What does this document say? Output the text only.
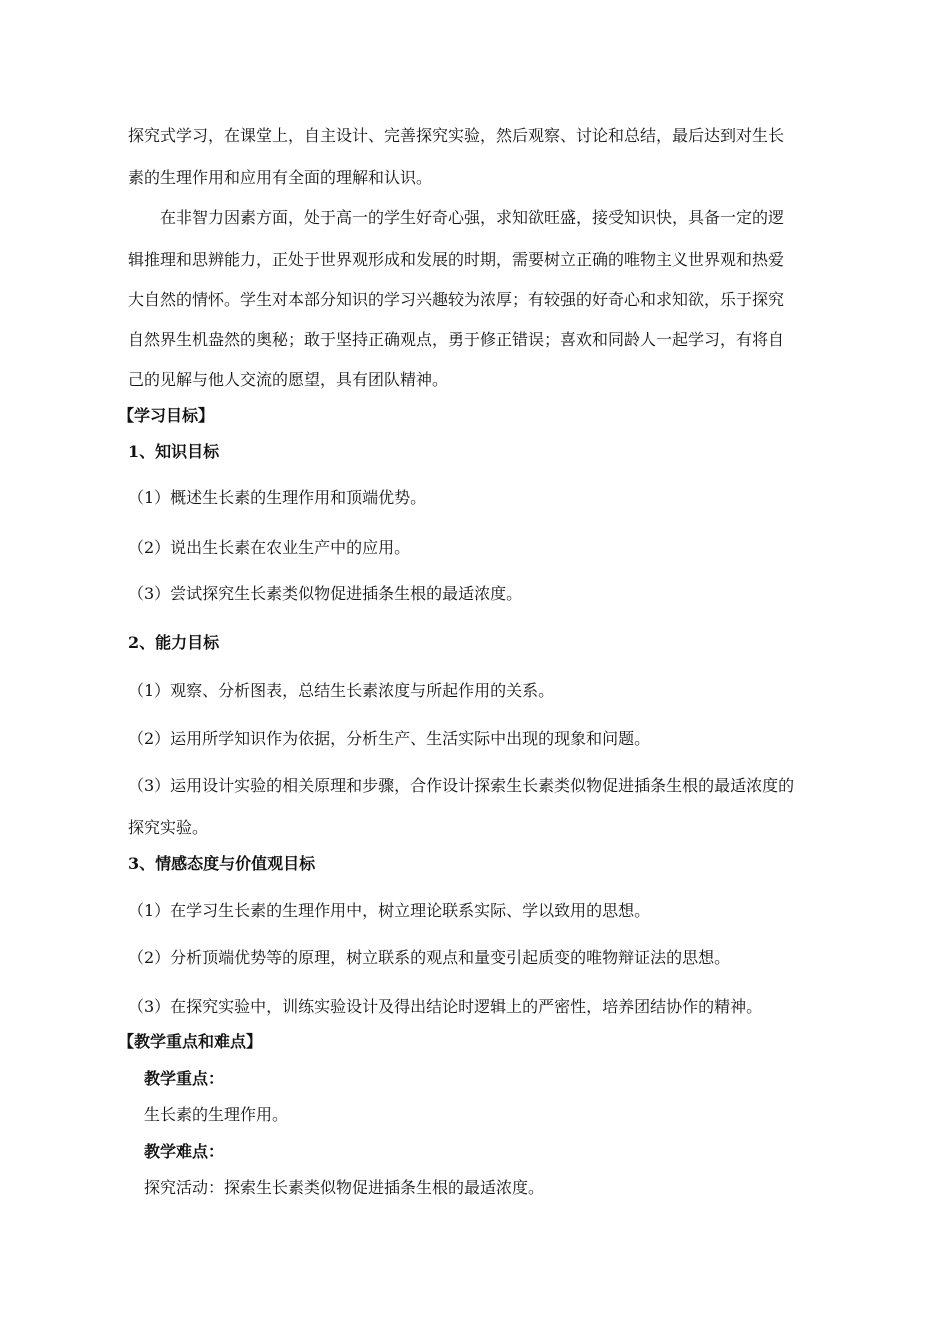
探究式学习，在课堂上，自主设计、完善探究实验，然后观察、讨论和总结，最后达到对生长
素的生理作用和应用有全面的理解和认识。
在非智力因素方面，处于高一的学生好奇心强，求知欲旺盛，接受知识快，具备一定的逻
辑推理和思辨能力，正处于世界观形成和发展的时期，需要树立正确的唯物主义世界观和热爱
大自然的情怀。学生对本部分知识的学习兴趣较为浓厚；有较强的好奇心和求知欲，乐于探究
自然界生机盎然的奥秘；敢于坚持正确观点，勇于修正错误；喜欢和同龄人一起学习，有将自
己的见解与他人交流的愿望，具有团队精神。
【学习目标】
1、知识目标
（1）概述生长素的生理作用和顶端优势。
（2）说出生长素在农业生产中的应用。
（3）尝试探究生长素类似物促进插条生根的最适浓度。
2、能力目标
（1）观察、分析图表，总结生长素浓度与所起作用的关系。
（2）运用所学知识作为依据，分析生产、生活实际中出现的现象和问题。
（3）运用设计实验的相关原理和步骤，合作设计探索生长素类似物促进插条生根的最适浓度的
探究实验。
3、情感态度与价值观目标
（1）在学习生长素的生理作用中，树立理论联系实际、学以致用的思想。
（2）分析顶端优势等的原理，树立联系的观点和量变引起质变的唯物辩证法的思想。
（3）在探究实验中，训练实验设计及得出结论时逻辑上的严密性，培养团结协作的精神。
【教学重点和难点】
教学重点：
生长素的生理作用。
教学难点：
探究活动：探索生长素类似物促进插条生根的最适浓度。
